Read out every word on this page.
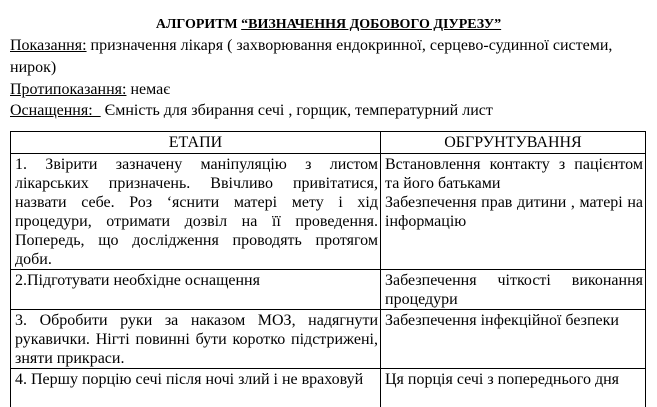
АЛГОРИТМ “ВИЗНАЧЕННЯ ДОБОВОГО ДІУРЕЗУ”

Показання: призначення лікаря ( захворювання ендокринної, серцево-судинної системи, нирок)

Протипоказання: немає

Оснащення:   Ємність для збирання сечі , горщик, температурний лист

ЕТАПИ	ОБГРУНТУВАННЯ

1. Звірити зазначену маніпуляцію з листом лікарських призначень. Ввічливо привітатися, назвати себе. Роз ‘яснити матері мету і хід процедури, отримати дозвіл на її проведення. Попередь, що дослідження проводять протягом доби.	Встановлення контакту з пацієнтом та його батьками
Забезпечення прав дитини , матері на інформацію

2.Підготувати необхідне оснащення	Забезпечення чіткості виконання процедури

3. Обробити руки за наказом МОЗ, надягнути рукавички. Нігті повинні бути коротко підстрижені, зняти прикраси.	Забезпечення інфекційної безпеки

4. Першу порцію сечі після ночі злий і не враховуй	Ця порція сечі з попереднього дня
